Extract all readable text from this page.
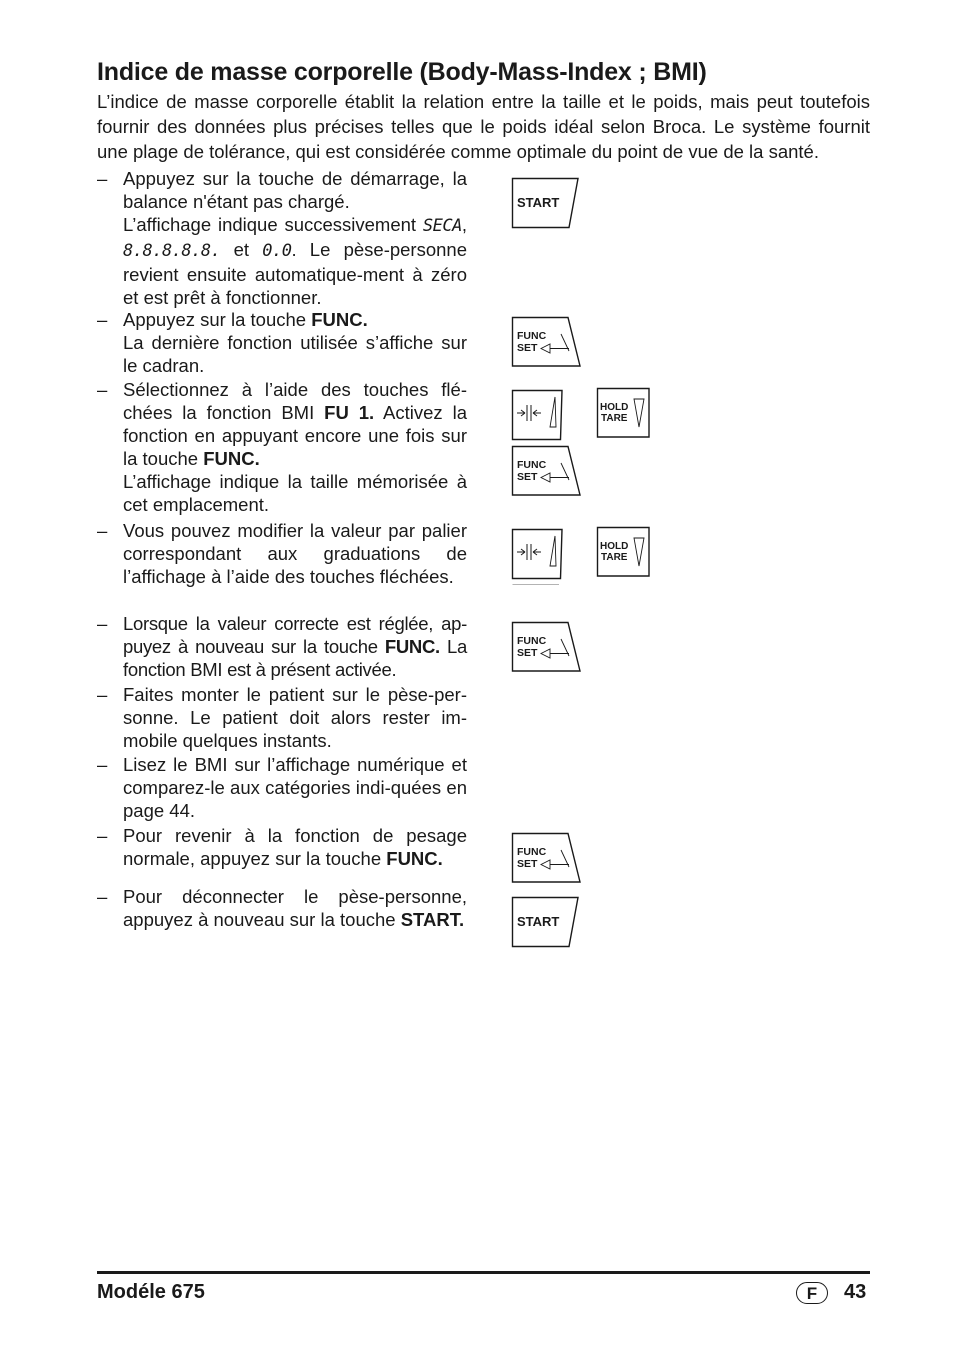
Indice de masse corporelle (Body-Mass-Index ; BMI)

L’indice de masse corporelle établit la relation entre la taille et le poids, mais peut toutefois fournir des données plus précises telles que le poids idéal selon Broca. Le système fournit une plage de tolérance, qui est considérée comme optimale du point de vue de la santé.

– Appuyez sur la touche de démarrage, la balance n'étant pas chargé.

L’affichage indique successivement SECA, 8.8.8.8.8. et 0.0. Le pèse-personne revient ensuite automatique-ment à zéro et est prêt à fonctionner.

– Appuyez sur la touche FUNC.

La dernière fonction utilisée s’affiche sur le cadran.

– Sélectionnez à l’aide des touches flé-chées la fonction BMI FU 1. Activez la fonction en appuyant encore une fois sur la touche FUNC.

L’affichage indique la taille mémorisée à cet emplacement.

– Vous pouvez modifier la valeur par palier correspondant aux graduations de l’affichage à l’aide des touches fléchées.

– Lorsque la valeur correcte est réglée, ap-puyez à nouveau sur la touche FUNC. La fonction BMI est à présent activée.

– Faites monter le patient sur le pèse-per-sonne. Le patient doit alors rester im-mobile quelques instants.

– Lisez le BMI sur l’affichage numérique et comparez-le aux catégories indi-quées en page 44.

– Pour revenir à la fonction de pesage normale, appuyez sur la touche FUNC.

– Pour déconnecter le pèse-personne, appuyez à nouveau sur la touche START.

START
FUNC
SET
HOLD
TARE
FUNC
SET
HOLD
TARE
FUNC
SET
FUNC
SET
START
Modéle 675	F	43
